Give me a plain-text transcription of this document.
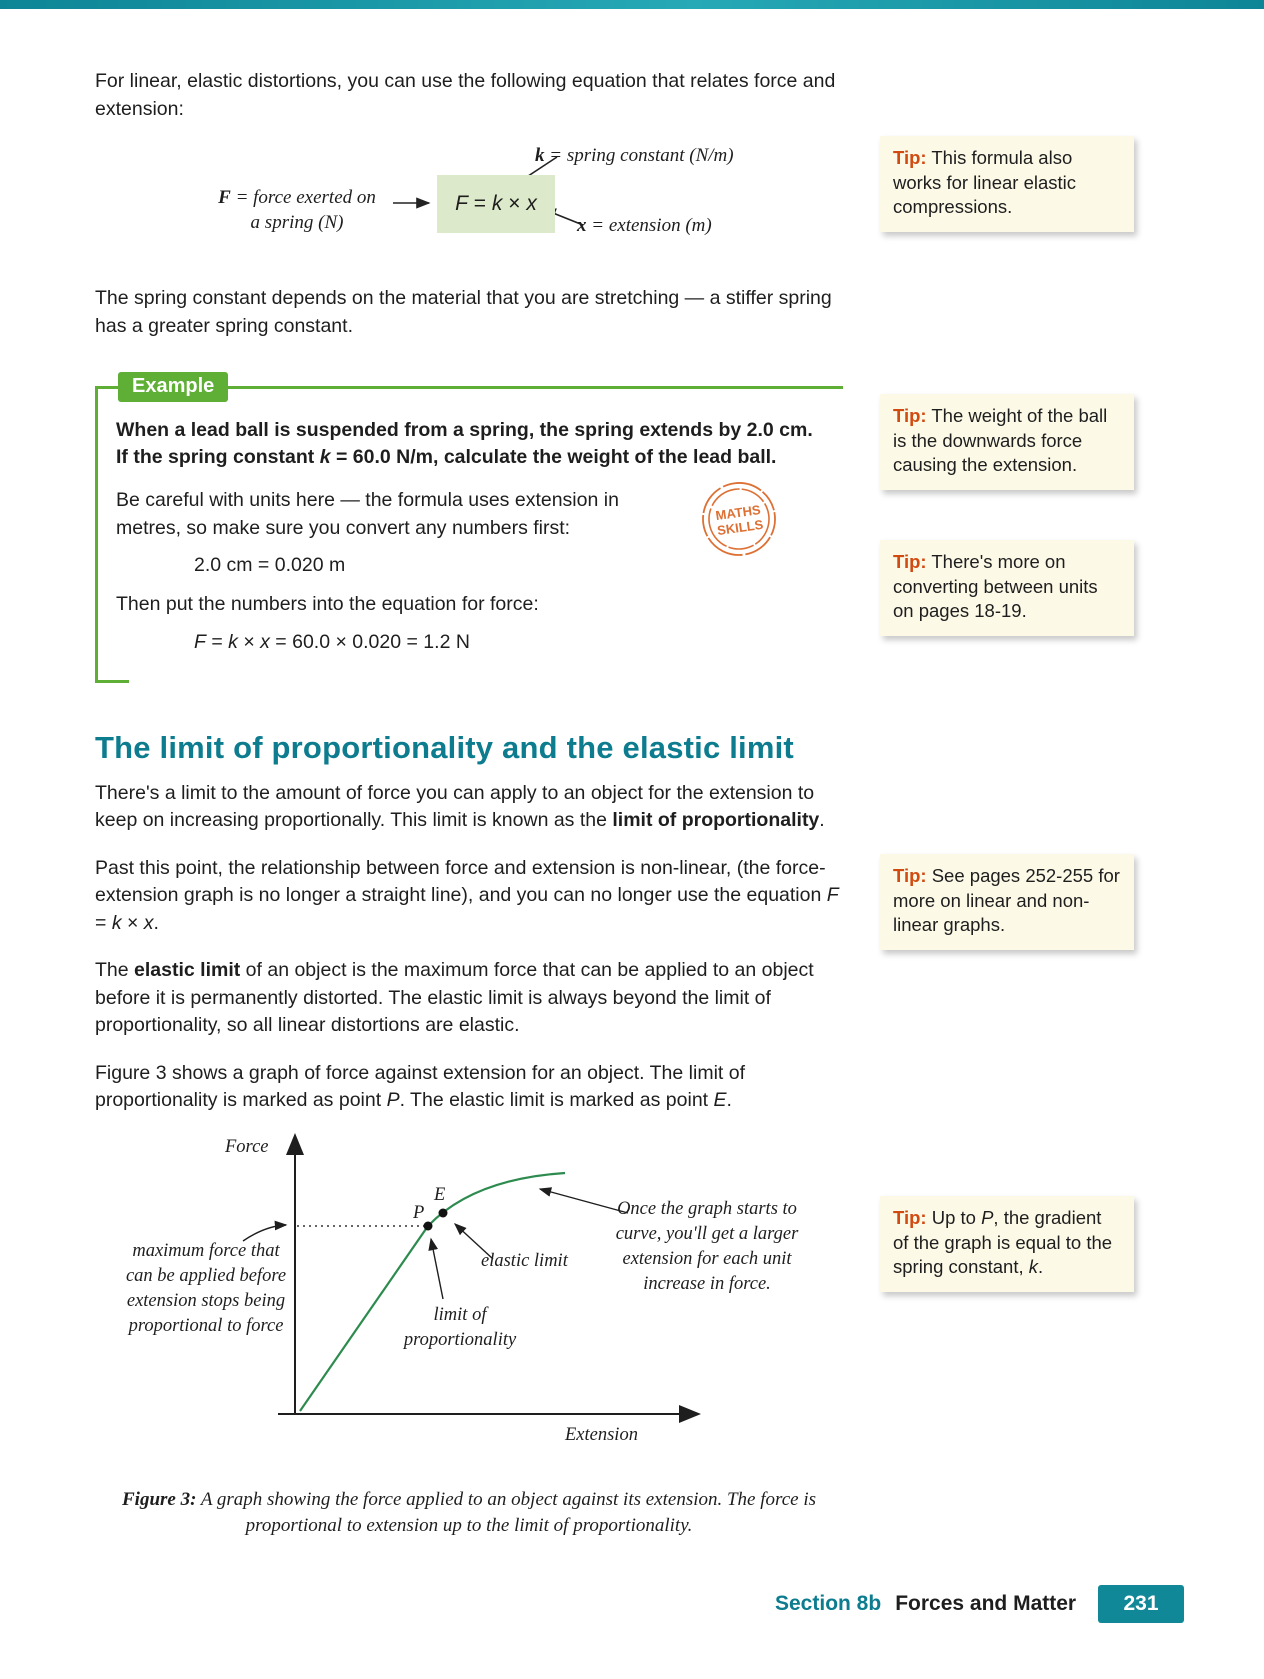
For linear, elastic distortions, you can use the following equation that relates force and extension:

k = spring constant (N/m)
F = force exerted on
a spring (N)
F = k × x
x = extension (m)

The spring constant depends on the material that you are stretching — a stiffer spring has a greater spring constant.

Example

When a lead ball is suspended from a spring, the spring extends by 2.0 cm. If the spring constant k = 60.0 N/m, calculate the weight of the lead ball.

Be careful with units here — the formula uses extension in metres, so make sure you convert any numbers first:

MATHS
SKILLS

2.0 cm = 0.020 m

Then put the numbers into the equation for force:

F = k × x = 60.0 × 0.020 = 1.2 N

The limit of proportionality and the elastic limit

There's a limit to the amount of force you can apply to an object for the extension to keep on increasing proportionally. This limit is known as the limit of proportionality.

Past this point, the relationship between force and extension is non-linear, (the force-extension graph is no longer a straight line), and you can no longer use the equation F = k × x.

The elastic limit of an object is the maximum force that can be applied to an object before it is permanently distorted. The elastic limit is always beyond the limit of proportionality, so all linear distortions are elastic.

Figure 3 shows a graph of force against extension for an object. The limit of proportionality is marked as point P. The elastic limit is marked as point E.

Force
Extension
P
E
maximum force that can be applied before extension stops being proportional to force
limit of proportionality
elastic limit
Once the graph starts to curve, you'll get a larger extension for each unit increase in force.

Figure 3: A graph showing the force applied to an object against its extension. The force is proportional to extension up to the limit of proportionality.

Tip: This formula also works for linear elastic compressions.
Tip: The weight of the ball is the downwards force causing the extension.
Tip: There's more on converting between units on pages 18-19.
Tip: See pages 252-255 for more on linear and non-linear graphs.
Tip: Up to P, the gradient of the graph is equal to the spring constant, k.
Section 8b Forces and Matter	231
